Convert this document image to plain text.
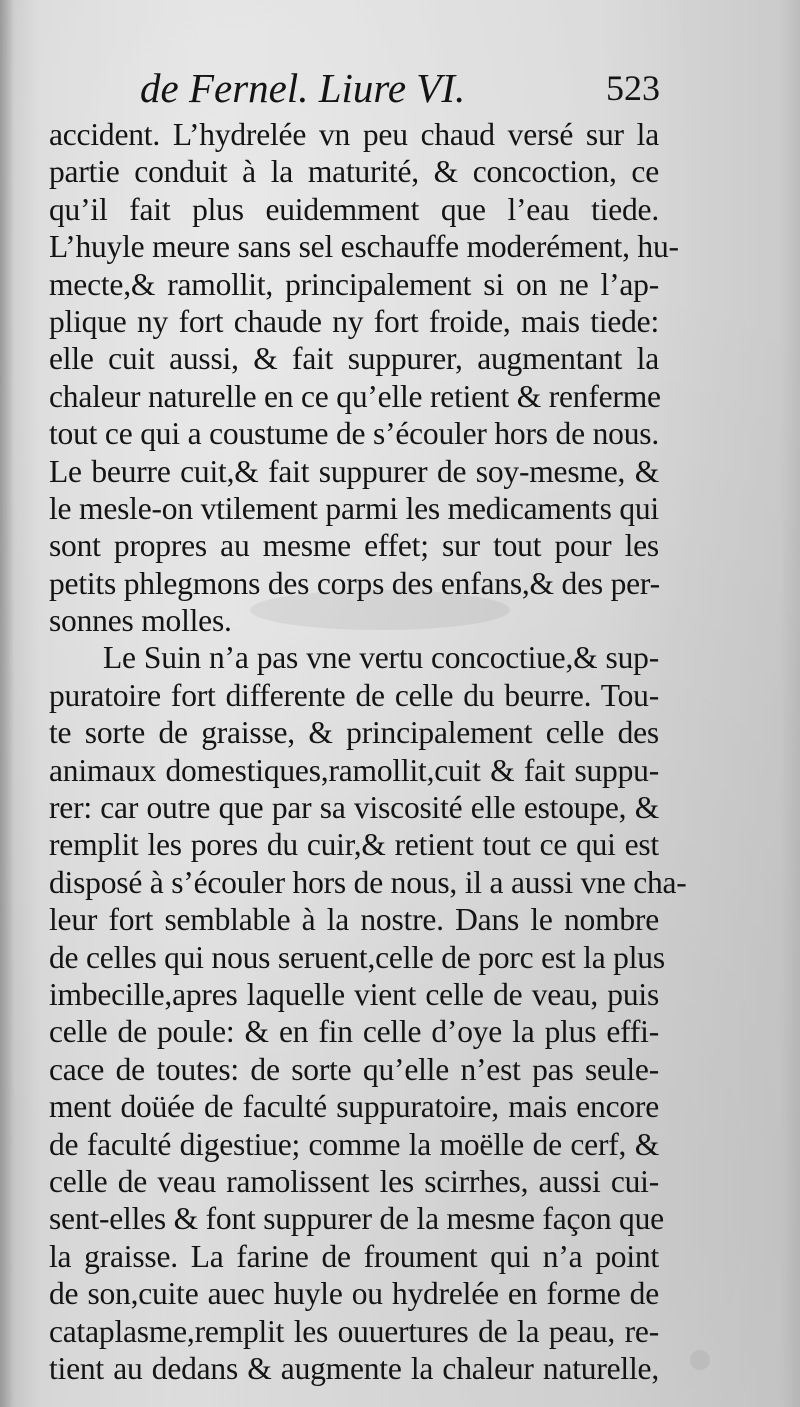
de Fernel. Liure VI.	523
accident. L’hydrelée vn peu chaud versé sur la
partie conduit à la maturité, & concoction, ce
qu’il fait plus euidemment que l’eau tiede.
L’huyle meure sans sel eschauffe moderément, hu-
mecte,& ramollit, principalement si on ne l’ap-
plique ny fort chaude ny fort froide, mais tiede:
elle cuit aussi, & fait suppurer, augmentant la
chaleur naturelle en ce qu’elle retient & renferme
tout ce qui a coustume de s’écouler hors de nous.
Le beurre cuit,& fait suppurer de soy-mesme, &
le mesle-on vtilement parmi les medicaments qui
sont propres au mesme effet; sur tout pour les
petits phlegmons des corps des enfans,& des per-
sonnes molles.
Le Suin n’a pas vne vertu concoctiue,& sup-
puratoire fort differente de celle du beurre. Tou-
te sorte de graisse, & principalement celle des
animaux domestiques,ramollit,cuit & fait suppu-
rer: car outre que par sa viscosité elle estoupe, &
remplit les pores du cuir,& retient tout ce qui est
disposé à s’écouler hors de nous, il a aussi vne cha-
leur fort semblable à la nostre. Dans le nombre
de celles qui nous seruent,celle de porc est la plus
imbecille,apres laquelle vient celle de veau, puis
celle de poule: & en fin celle d’oye la plus effi-
cace de toutes: de sorte qu’elle n’est pas seule-
ment doüée de faculté suppuratoire, mais encore
de faculté digestiue; comme la moëlle de cerf, &
celle de veau ramolissent les scirrhes, aussi cui-
sent-elles & font suppurer de la mesme façon que
la graisse. La farine de froument qui n’a point
de son,cuite auec huyle ou hydrelée en forme de
cataplasme,remplit les ouuertures de la peau, re-
tient au dedans & augmente la chaleur naturelle,
